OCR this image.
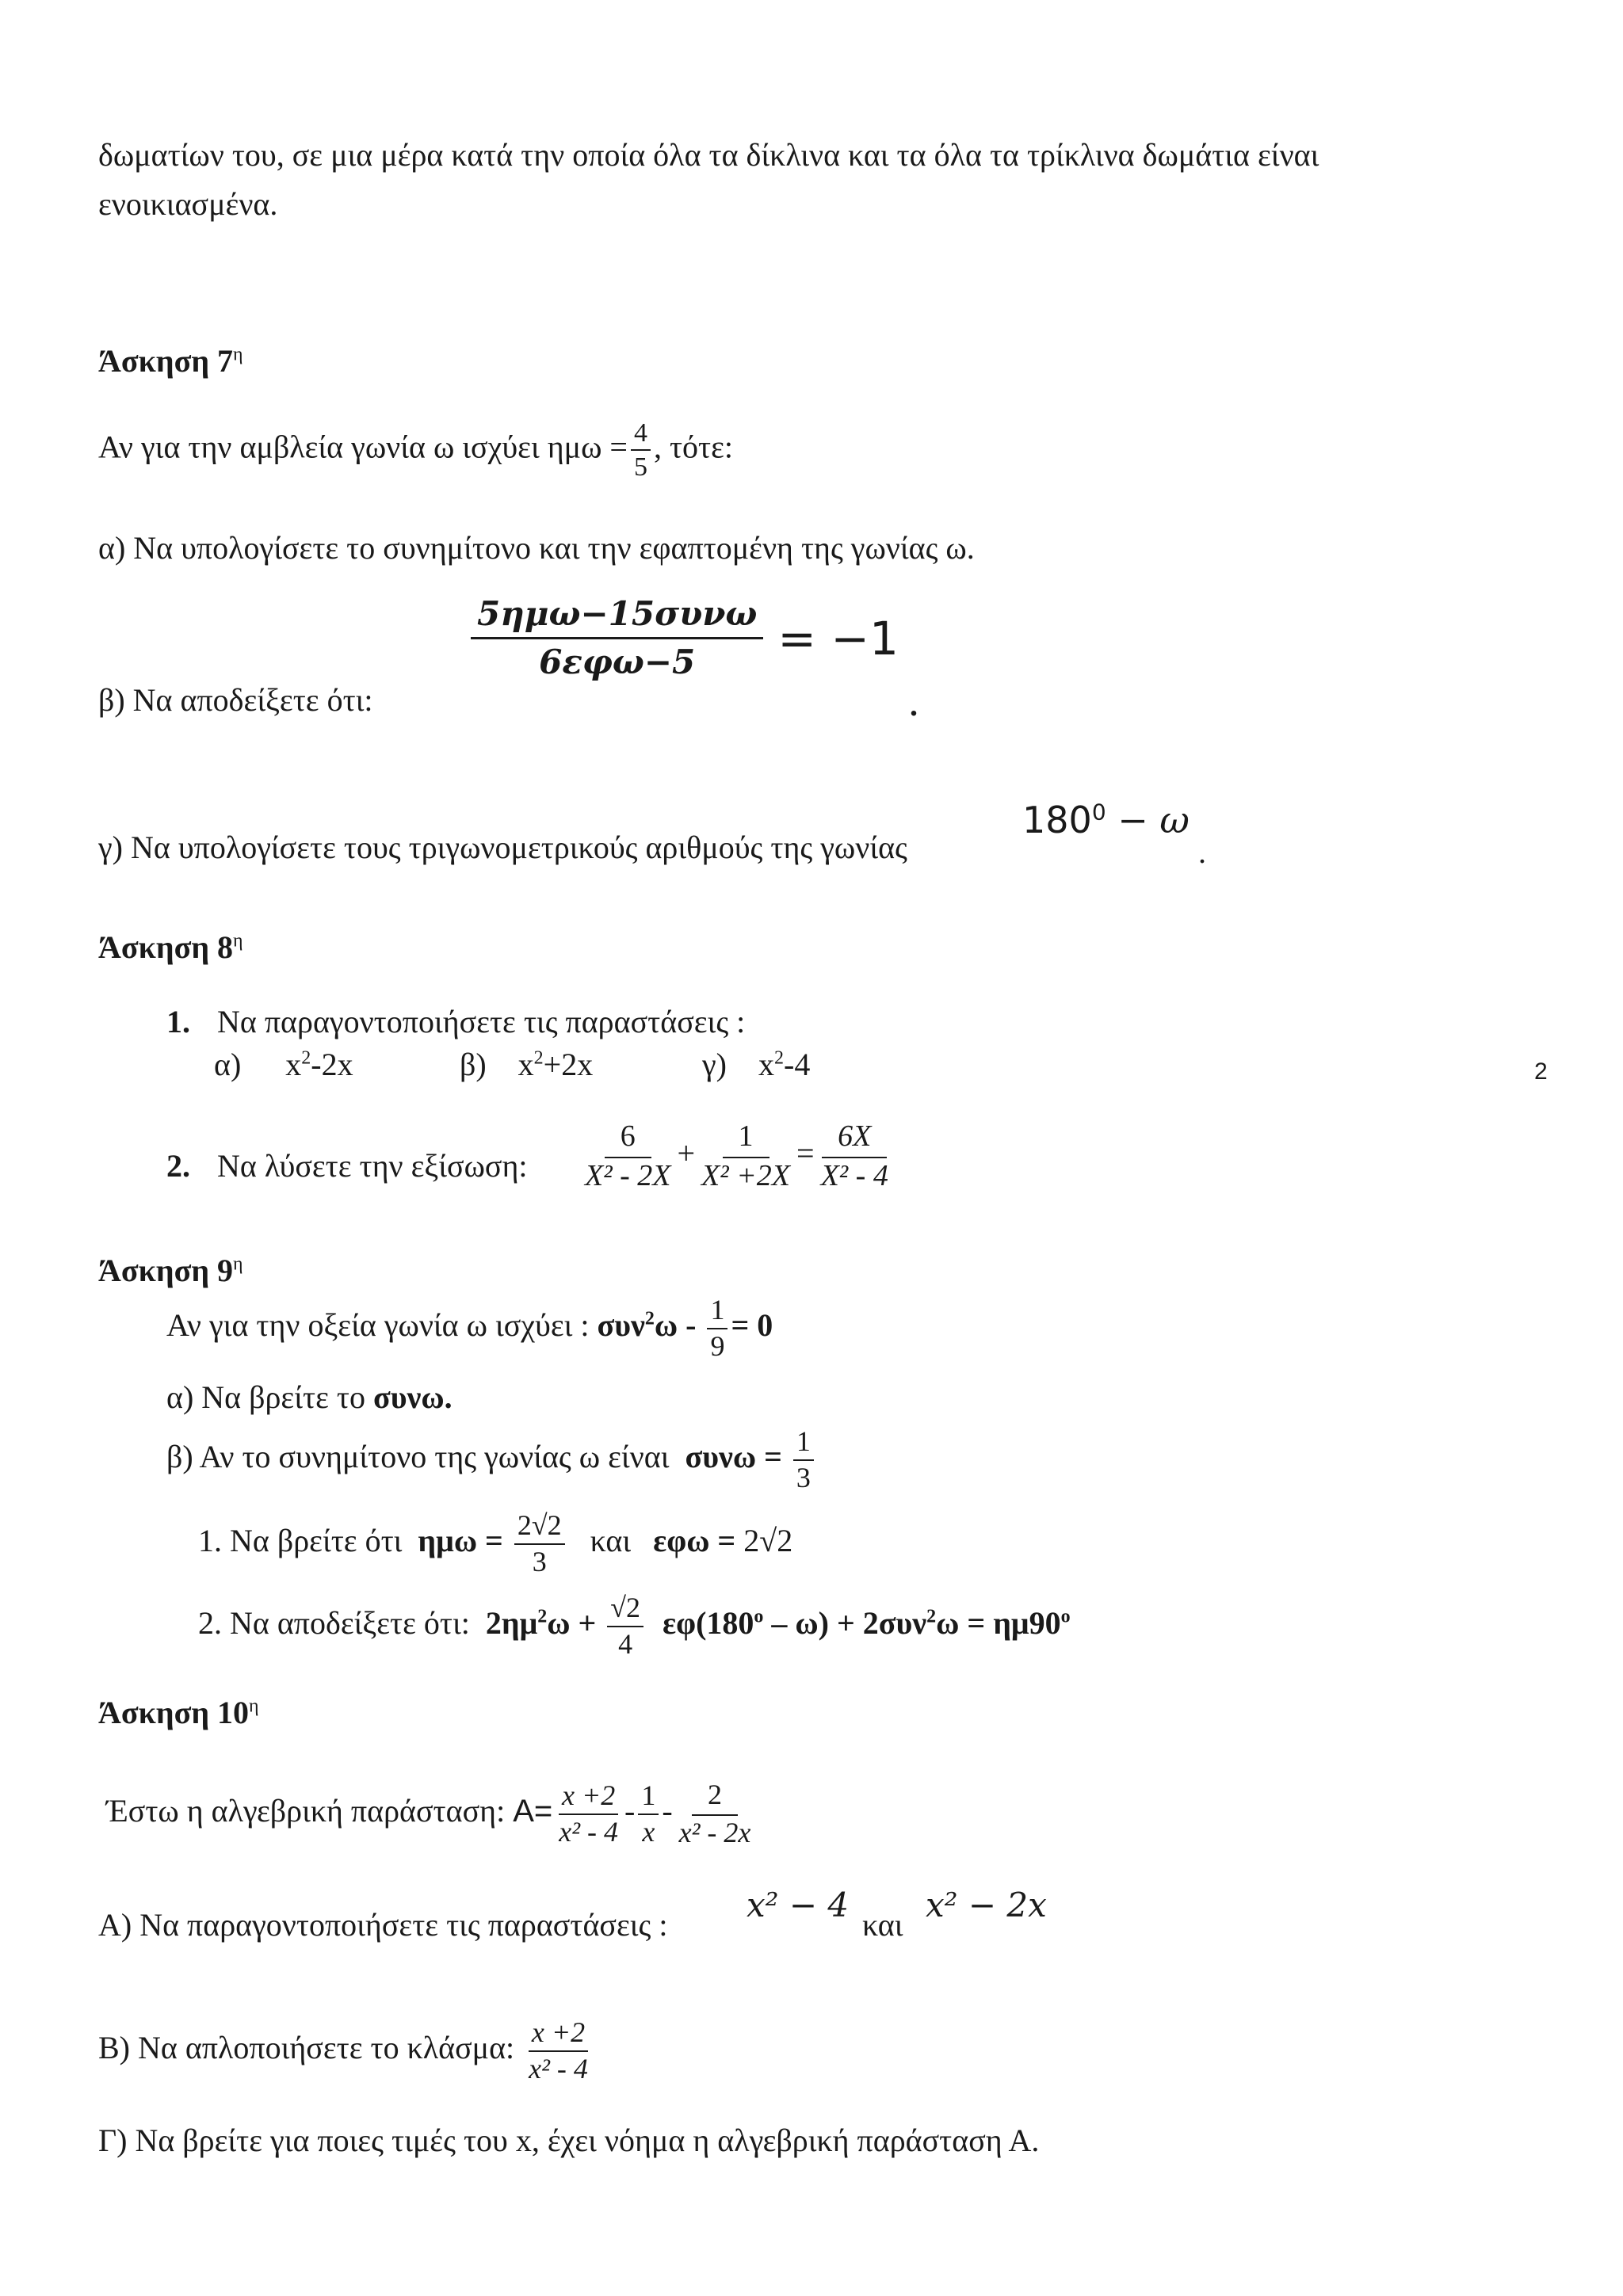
δωματίων του, σε μια μέρα κατά την οποία όλα τα δίκλινα και τα όλα τα τρίκλινα δωμάτια είναι
ενοικιασμένα.
Άσκηση $7^\eta$
Αν για την αμβλεία γωνία ω ισχύει $\eta\mu\omega = \frac{4}{5}$ , τότε:
α) Να υπολογίσετε το συνημίτονο και την εφαπτομένη της γωνίας ω.
β) Να αποδείξετε ότι:
$\frac{\text{5ημω−15συνω}}{\text{6εφω−5}} = -1$
.
γ) Να υπολογίσετε τους τριγωνομετρικούς αριθμούς της γωνίας
$180^0 - \omega$
.
Άσκηση $8^\eta$
1. Να παραγοντοποιήσετε τις παραστάσεις :
α) $x^2-2x$	β) $x^2+2x$	γ) $x^2-4$	2
2. Να λύσετε την εξίσωση: $\frac{6}{\text{X² - 2X}} + \frac{1}{\text{X² +2X}} = \frac{6X}{\text{X² - 4}}$
Άσκηση $9^\eta$
Αν για την οξεία γωνία ω ισχύει : $\sigma\upsilon\nu^2\omega - \frac{1}{9} = 0$
α) Να βρείτε το συνω.
β) Αν το συνημίτονο της γωνίας ω είναι $\sigma\upsilon\nu\omega = \frac{1}{3}$
1. Να βρείτε ότι $\eta\mu\omega = \frac{2√2}{3}$ και εφω = 2√2
2. Να αποδείξετε ότι: $2\eta\mu^2\omega + \frac{√2}{4} \varepsilon\varphi(180^o - \omega) + 2\sigma\upsilon\nu^2\omega = \eta\mu 90^o$
Άσκηση $10^\eta$
Έστω η αλγεβρική παράσταση: $A= \frac{x +2}{\text{x² - 4}} - \frac{1}{x} - \frac{2}{\text{x² - 2x}}$
Α) Να παραγοντοποιήσετε τις παραστάσεις :
x² − 4
και
x² − 2x
Β) Να απλοποιήσετε το κλάσμα: $\frac{x +2}{\text{x² - 4}}$
Γ) Να βρείτε για ποιες τιμές του x, έχει νόημα η αλγεβρική παράσταση Α.
